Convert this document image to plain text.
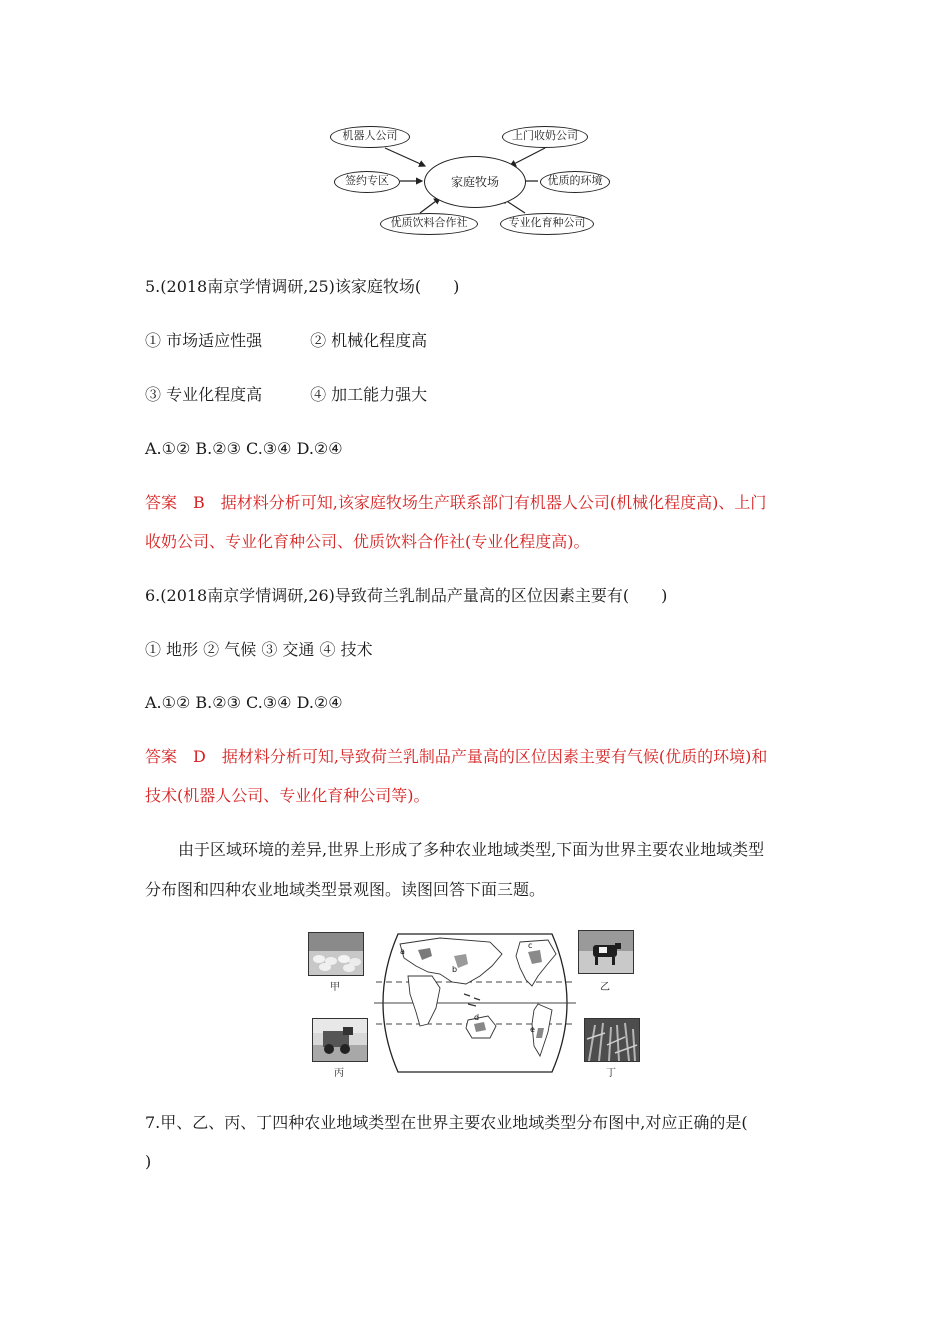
机器人公司	上门收奶公司
签约专区	家庭牧场	优质的环境
优质饮料合作社	专业化育种公司
5.(2018南京学情调研,25)该家庭牧场(　　)
① 市场适应性强　　　② 机械化程度高
③ 专业化程度高　　　④ 加工能力强大
A.①② B.②③ C.③④ D.②④
答案　B　据材料分析可知,该家庭牧场生产联系部门有机器人公司(机械化程度高)、上门
收奶公司、专业化育种公司、优质饮料合作社(专业化程度高)。
6.(2018南京学情调研,26)导致荷兰乳制品产量高的区位因素主要有(　　)
① 地形 ② 气候 ③ 交通 ④ 技术
A.①② B.②③ C.③④ D.②④
答案　D　据材料分析可知,导致荷兰乳制品产量高的区位因素主要有气候(优质的环境)和
技术(机器人公司、专业化育种公司等)。
由于区域环境的差异,世界上形成了多种农业地域类型,下面为世界主要农业地域类型
分布图和四种农业地域类型景观图。读图回答下面三题。
甲
丙
乙
丁
a
b
c
d
e
7.甲、乙、丙、丁四种农业地域类型在世界主要农业地域类型分布图中,对应正确的是(
)
